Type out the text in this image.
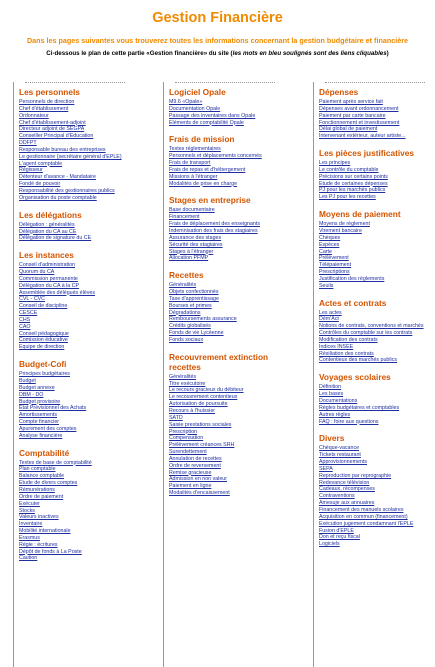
Gestion Financière
Dans les pages suivantes vous trouverez toutes les informations concernant la gestion budgétaire et financière
Ci-dessous le plan de cette partie «Gestion financière» du site (les mots en bleu soulignés sont des liens cliquables)
Les personnels
Personnels de direction
Chef d'établissement
Ordonnateur
Chef d'établissement-adjoint
Directeur adjoint de SEGPA
Conseiller Principal d'Education
DDFPT
Responsable bureau des entreprises
Le gestionnaire (secrétaire général d'EPLE)
L'agent comptable
Régisseur
Détenteur d'avance - Mandataire
Fondé de pouvoir
Responsabilité des gestionnaires publics
Organisation du poste comptable
Les délégations
Délégation : généralités
Délégation du CA au CE
Délégation de signature du CE
Les instances
Conseil d'administration
Quorum du CA
Commission permanente
Délégation du CA à la CP
Assemblée des délégués élèves
CVL - CVC
Conseil de discipline
CESCE
CHS
CAO
Conseil pédagogique
Comission éducative
Equipe de direction
Budget-Cofi
Principes budgétaires
Budget
Budget annexe
DBM - DO
Budget provisoire
Etat Prévisionnel des Achats
Amortissements
Compte financier
Apurement des comptes
Analyse financière
Comptabilité
Textes de base de comptabilité
Plan comptable
Balance comptable
Etude de divers comptes
Rémunérations
Ordre de paiement
Exécuter
Stocks
Valeurs inactives
Inventaire
Mobilité internationale
Erasmus
Régie : écritures
Dépôt de fonds à La Poste
Caution
Logiciel Opale
M9.6 «Opale»
Documentation Opale
Passage des inventaires dans Opale
Eléments de comptabilité Opale
Frais de mission
Textes réglementaires
Personnels et déplacements concernés
Frais de transport
Frais de repas et d'hébergement
Missions à l'étranger
Modalités de prise en charge
Stages en entreprise
Base documentaire
Financement
Frais de déplacement des enseignants
Indemnisation des frais des stagiaires
Assurance des stages
Sécurité des stagiaires
Stages à l'étranger
Allocation PFMP
Recettes
Généralités
Objets confectionnés
Taxe d'apprentissage
Bourses et primes
Dégradations
Remboursements assurance
Crédits globalisés
Fonds de vie Lycéenne
Fonds sociaux
Recouvrement extinction recettes
Généralités
Titre exécutoire
Le recours gracieux du débiteur
Le recouvrement contentieux
Autorisation de poursuite
Recours à l'huissier
SATD
Saisie prestations sociales
Prescription
Compensation
Prélèvement créances SRH
Surendettement
Annulation de recettes
Ordre de reversement
Remise gracieuse
Admission en non valeur
Paiement en ligne
Modalités d'encaissement
Dépenses
Paiement après service fait
Dépenses avant ordonnancement
Paiement par carte bancaire
Fonctionnement et investissement
Délai global de paiement
Intervenant extérieur, auteur artiste...
Les pièces justificatives
Les principes
Le contrôle du comptable
Précisions sur certains points
Etude de certaines dépenses
PJ pour les marchés publics
Les PJ pour les recettes
Moyens de paiement
Moyens de règlement
Virement bancaire
Chèques
Espèces
Carte
Prélèvement
Télépaiement
Prescriptions
Justification des règlements
Seuils
Actes et contrats
Les actes
Dém'Act
Notions de contrats, conventions et marchés
Contrôles du comptable sur les contrats
Modification des contrats
Indices INSEE
Résiliation des contrats
Contentieux des marchés publics
Voyages scolaires
Définition
Les bases
Documentations
Règles budgétaires et comptables
Autres règles
FAQ : foire aux questions
Divers
Chèque-vacance
Tickets restaurant
Approvisionnements
SEPA
Reproduction par reprographie
Redevance télévision
Cadeaux, récompenses
Contraventions
Amesuje aux annuaires
Financement des manuels scolaires
Acquisition en commun (financement)
Exécution jugement condamnant l'EPLE
Fusion d'EPLE
Don et reçu fiscal
Logiciels
